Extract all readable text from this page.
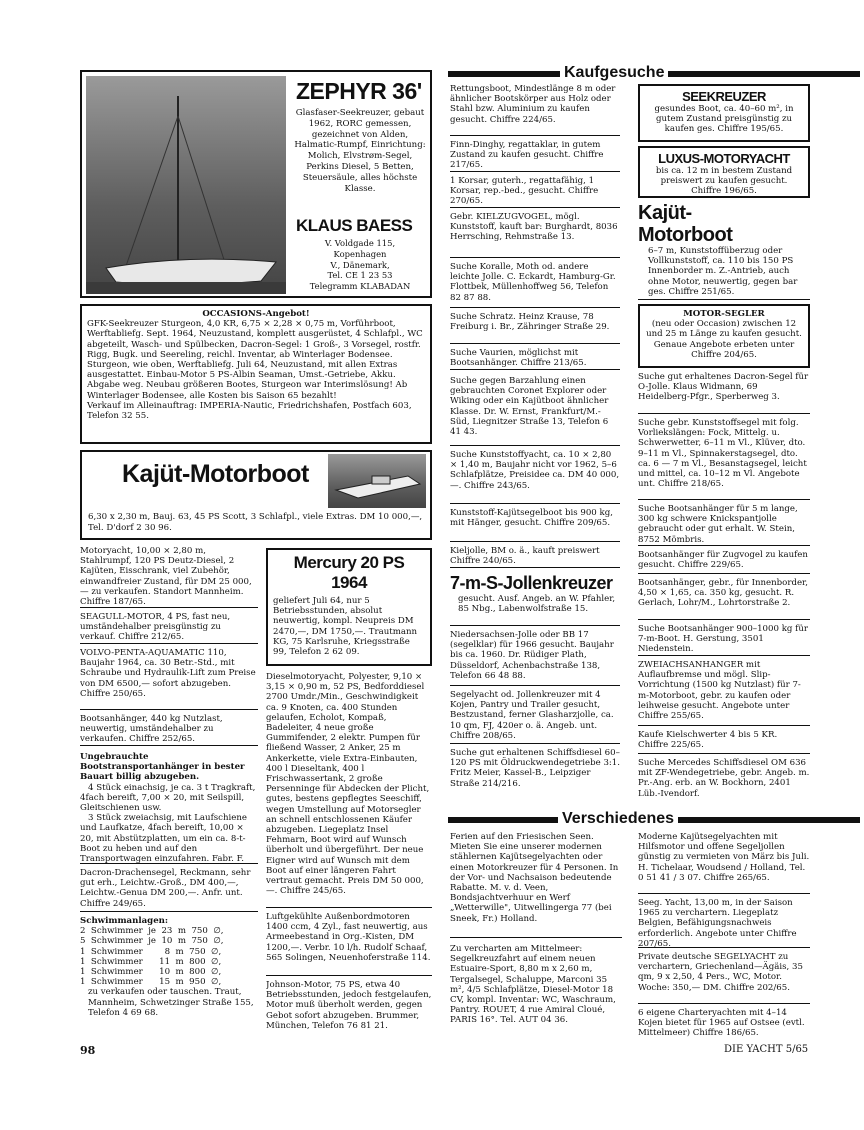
ZEPHYR 36'
Glasfaser-Seekreuzer, gebaut 1962, RORC gemessen, gezeichnet von Alden, Halmatic-Rumpf, Einrichtung: Molich, Elvstrøm-Segel, Perkins Diesel, 5 Betten, Steuersäule, alles höchste Klasse.
KLAUS BAESS
V. Voldgade 115,
Kopenhagen
V., Dänemark,
Tel. CE 1 23 53
Telegramm KLABADAN
OCCASIONS-Angebot!
GFK-Seekreuzer Sturgeon, 4,0 KR, 6,75 × 2,28 × 0,75 m, Vorführboot, Werftabliefg. Sept. 1964, Neuzustand, komplett ausgerüstet, 4 Schlafpl., WC abgeteilt, Wasch- und Spülbecken, Dacron-Segel: 1 Groß-, 3 Vorsegel, rostfr. Rigg, Bugk. und Seereling, reichl. Inventar, ab Winterlager Bodensee.
Sturgeon, wie oben, Werftabliefg. Juli 64, Neuzustand, mit allen Extras ausgestattet. Einbau-Motor 5 PS-Albin Seaman, Umst.-Getriebe, Akku. Abgabe weg. Neubau größeren Bootes, Sturgeon war Interimslösung! Ab Winterlager Bodensee, alle Kosten bis Saison 65 bezahlt!
Verkauf im Alleinauftrag: IMPERIA-Nautic, Friedrichshafen, Postfach 603, Telefon 32 55.
Kajüt-Motorboot
6,30 x 2,30 m, Bauj. 63, 45 PS Scott, 3 Schlafpl., viele Extras. DM 10 000,—, Tel. D'dorf 2 30 96.
Motoryacht, 10,00 × 2,80 m, Stahlrumpf, 120 PS Deutz-Diesel, 2 Kajüten, Eisschrank, viel Zubehör, einwandfreier Zustand, für DM 25 000,— zu verkaufen. Standort Mannheim. Chiffre 187/65.
SEAGULL-MOTOR, 4 PS, fast neu, umständehalber preisgünstig zu verkauf. Chiffre 212/65.
VOLVO-PENTA-AQUAMATIC 110, Baujahr 1964, ca. 30 Betr.-Std., mit Schraube und Hydraulik-Lift zum Preise von DM 6500,— sofort abzugeben. Chiffre 250/65.
Bootsanhänger, 440 kg Nutzlast, neuwertig, umständehalber zu verkaufen. Chiffre 252/65.
Ungebrauchte Bootstransportanhänger in bester Bauart billig abzugeben.
4 Stück einachsig, je ca. 3 t Tragkraft, 4fach bereift, 7,00 × 20, mit Seilspill, Gleitschienen usw.
3 Stück zweiachsig, mit Laufschiene und Laufkatze, 4fach bereift, 10,00 × 20, mit Abstützplatten, um ein ca. 8-t-Boot zu heben und auf den Transportwagen einzufahren. Fabr. F.
Dacron-Drachensegel, Reckmann, sehr gut erh., Leichtw.-Groß., DM 400,—, Leichtw.-Genua DM 200,—. Anfr. unt. Chiffre 249/65.
Schwimmanlagen:
2  Schwimmer  je  23  m  750  ∅,
5  Schwimmer  je  10  m  750  ∅,
1  Schwimmer        8  m  750  ∅,
1  Schwimmer      11  m  800  ∅,
1  Schwimmer      10  m  800  ∅,
1  Schwimmer      15  m  950  ∅,
zu verkaufen oder tauschen. Traut, Mannheim, Schwetzinger Straße 155, Telefon 4 69 68.
Mercury 20 PS
1964
geliefert Juli 64, nur 5 Betriebsstunden, absolut neuwertig, kompl. Neupreis DM 2470,—, DM 1750,—. Trautmann KG, 75 Karlsruhe, Kriegsstraße 99, Telefon 2 62 09.
Dieselmotoryacht, Polyester, 9,10 × 3,15 × 0,90 m, 52 PS, Bedforddiesel 2700 Umdr./Min., Geschwindigkeit ca. 9 Knoten, ca. 400 Stunden gelaufen, Echolot, Kompaß, Badeleiter, 4 neue große Gummifender, 2 elektr. Pumpen für fließend Wasser, 2 Anker, 25 m Ankerkette, viele Extra-Einbauten, 400 l Dieseltank, 400 l Frischwassertank, 2 große Persenninge für Abdecken der Plicht, gutes, bestens gepflegtes Seeschiff, wegen Umstellung auf Motorsegler an schnell entschlossenen Käufer abzugeben. Liegeplatz Insel Fehmarn, Boot wird auf Wunsch überholt und übergeführt. Der neue Eigner wird auf Wunsch mit dem Boot auf einer längeren Fahrt vertraut gemacht. Preis DM 50 000,—. Chiffre 245/65.
Luftgekühlte Außenbordmotoren 1400 ccm, 4 Zyl., fast neuwertig, aus Armeebestand in Org.-Kisten, DM 1200,—. Verbr. 10 l/h. Rudolf Schaaf, 565 Solingen, Neuenhoferstraße 114.
Johnson-Motor, 75 PS, etwa 40 Betriebsstunden, jedoch festgelaufen, Motor muß überholt werden, gegen Gebot sofort abzugeben. Brummer, München, Telefon 76 81 21.
Kaufgesuche
Rettungsboot, Mindestlänge 8 m oder ähnlicher Bootskörper aus Holz oder Stahl bzw. Aluminium zu kaufen gesucht. Chiffre 224/65.
Finn-Dinghy, regattaklar, in gutem Zustand zu kaufen gesucht. Chiffre 217/65.
1 Korsar, guterh., regattafähig, 1 Korsar, rep.-bed., gesucht. Chiffre 270/65.
Gebr. KIELZUGVOGEL, mögl. Kunststoff, kauft bar: Burghardt, 8036 Herrsching, Rehmstraße 13.
Suche Koralle, Moth od. andere leichte Jolle. C. Eckardt, Hamburg-Gr. Flottbek, Müllenhoffweg 56, Telefon 82 87 88.
Suche Schratz. Heinz Krause, 78 Freiburg i. Br., Zähringer Straße 29.
Suche Vaurien, möglichst mit Bootsanhänger. Chiffre 213/65.
Suche gegen Barzahlung einen gebrauchten Coronet Explorer oder Wiking oder ein Kajütboot ähnlicher Klasse. Dr. W. Ernst, Frankfurt/M.-Süd, Liegnitzer Straße 13, Telefon 6 41 43.
Suche Kunststoffyacht, ca. 10 × 2,80 × 1,40 m, Baujahr nicht vor 1962, 5–6 Schlafplätze, Preisidee ca. DM 40 000,—. Chiffre 243/65.
Kunststoff-Kajütsegelboot bis 900 kg, mit Hänger, gesucht. Chiffre 209/65.
Kieljolle, BM o. ä., kauft preiswert Chiffre 240/65.
7-m-S-Jollenkreuzer
gesucht. Ausf. Angeb. an W. Pfahler, 85 Nbg., Labenwolfstraße 15.
Niedersachsen-Jolle oder BB 17 (segelklar) für 1966 gesucht. Baujahr bis ca. 1960. Dr. Rüdiger Plath, Düsseldorf, Achenbachstraße 138, Telefon 66 48 88.
Segelyacht od. Jollenkreuzer mit 4 Kojen, Pantry und Trailer gesucht, Bestzustand, ferner Glasharzjolle, ca. 10 qm, FJ, 420er o. ä. Angeb. unt. Chiffre 208/65.
Suche gut erhaltenen Schiffsdiesel 60–120 PS mit Öldruckwendegetriebe 3:1. Fritz Meier, Kassel-B., Leipziger Straße 214/216.
SEEKREUZER
gesundes Boot, ca. 40–60 m², in gutem Zustand preisgünstig zu kaufen ges. Chiffre 195/65.
LUXUS-MOTORYACHT
bis ca. 12 m in bestem Zustand preiswert zu kaufen gesucht. Chiffre 196/65.
Kajüt-
Motorboot
6–7 m, Kunststoffüberzug oder Vollkunststoff, ca. 110 bis 150 PS Innenborder m. Z.-Antrieb, auch ohne Motor, neuwertig, gegen bar ges. Chiffre 251/65.
MOTOR-SEGLER
(neu oder Occasion) zwischen 12 und 25 m Länge zu kaufen gesucht. Genaue Angebote erbeten unter Chiffre 204/65.
Suche gut erhaltenes Dacron-Segel für O-Jolle. Klaus Widmann, 69 Heidelberg-Pfgr., Sperberweg 3.
Suche gebr. Kunststoffsegel mit folg. Vorliekslängen: Fock, Mittelg. u. Schwerwetter, 6–11 m Vl., Klüver, dto. 9–11 m Vl., Spinnakerstagsegel, dto. ca. 6 — 7 m Vl., Besanstagsegel, leicht und mittel, ca. 10–12 m Vl. Angebote unt. Chiffre 218/65.
Suche Bootsanhänger für 5 m lange, 300 kg schwere Knickspantjolle gebraucht oder gut erhalt. W. Stein, 8752 Mömbris.
Bootsanhänger für Zugvogel zu kaufen gesucht. Chiffre 229/65.
Bootsanhänger, gebr., für Innenborder, 4,50 × 1,65, ca. 350 kg, gesucht. R. Gerlach, Lohr/M., Lohrtorstraße 2.
Suche Bootsanhänger 900–1000 kg für 7-m-Boot. H. Gerstung, 3501 Niedenstein.
ZWEIACHSANHÄNGER mit Auflaufbremse und mögl. Slip-Vorrichtung (1500 kg Nutzlast) für 7-m-Motorboot, gebr. zu kaufen oder leihweise gesucht. Angebote unter Chiffre 255/65.
Kaufe Kielschwerter 4 bis 5 KR. Chiffre 225/65.
Suche Mercedes Schiffsdiesel OM 636 mit ZF-Wendegetriebe, gebr. Angeb. m. Pr.-Ang. erb. an W. Bockhorn, 2401 Lüb.-Ivendorf.
Verschiedenes
Ferien auf den Friesischen Seen. Mieten Sie eine unserer modernen stählernen Kajütsegelyachten oder einen Motorkreuzer für 4 Personen. In der Vor- und Nachsaison bedeutende Rabatte. M. v. d. Veen, Bondsjachtverhuur en Werf „Wetterwille", Uitwellingerga 77 (bei Sneek, Fr.) Holland.
Zu vercharten am Mittelmeer: Segelkreuzfahrt auf einem neuen Estuaire-Sport, 8,80 m x 2,60 m, Tergalsegel, Schaluppe, Marconi 35 m², 4/5 Schlafplätze, Diesel-Motor 18 CV, kompl. Inventar: WC, Waschraum, Pantry. ROUET, 4 rue Amiral Cloué, PARIS 16°. Tel. AUT 04 36.
Moderne Kajütsegelyachten mit Hilfsmotor und offene Segeljollen günstig zu vermieten von März bis Juli. H. Tichelaar, Woudsend / Holland, Tel. 0 51 41 / 3 07. Chiffre 265/65.
Seeg. Yacht, 13,00 m, in der Saison 1965 zu verchartern. Liegeplatz Belgien, Befähigungsnachweis erforderlich. Angebote unter Chiffre 207/65.
Private deutsche SEGELYACHT zu verchartern, Griechenland—Ägäis, 35 qm, 9 x 2,50, 4 Pers., WC, Motor. Woche: 350,— DM. Chiffre 202/65.
6 eigene Charteryachten mit 4–14 Kojen bietet für 1965 auf Ostsee (evtl. Mittelmeer) Chiffre 186/65.
98	DIE YACHT 5/65
